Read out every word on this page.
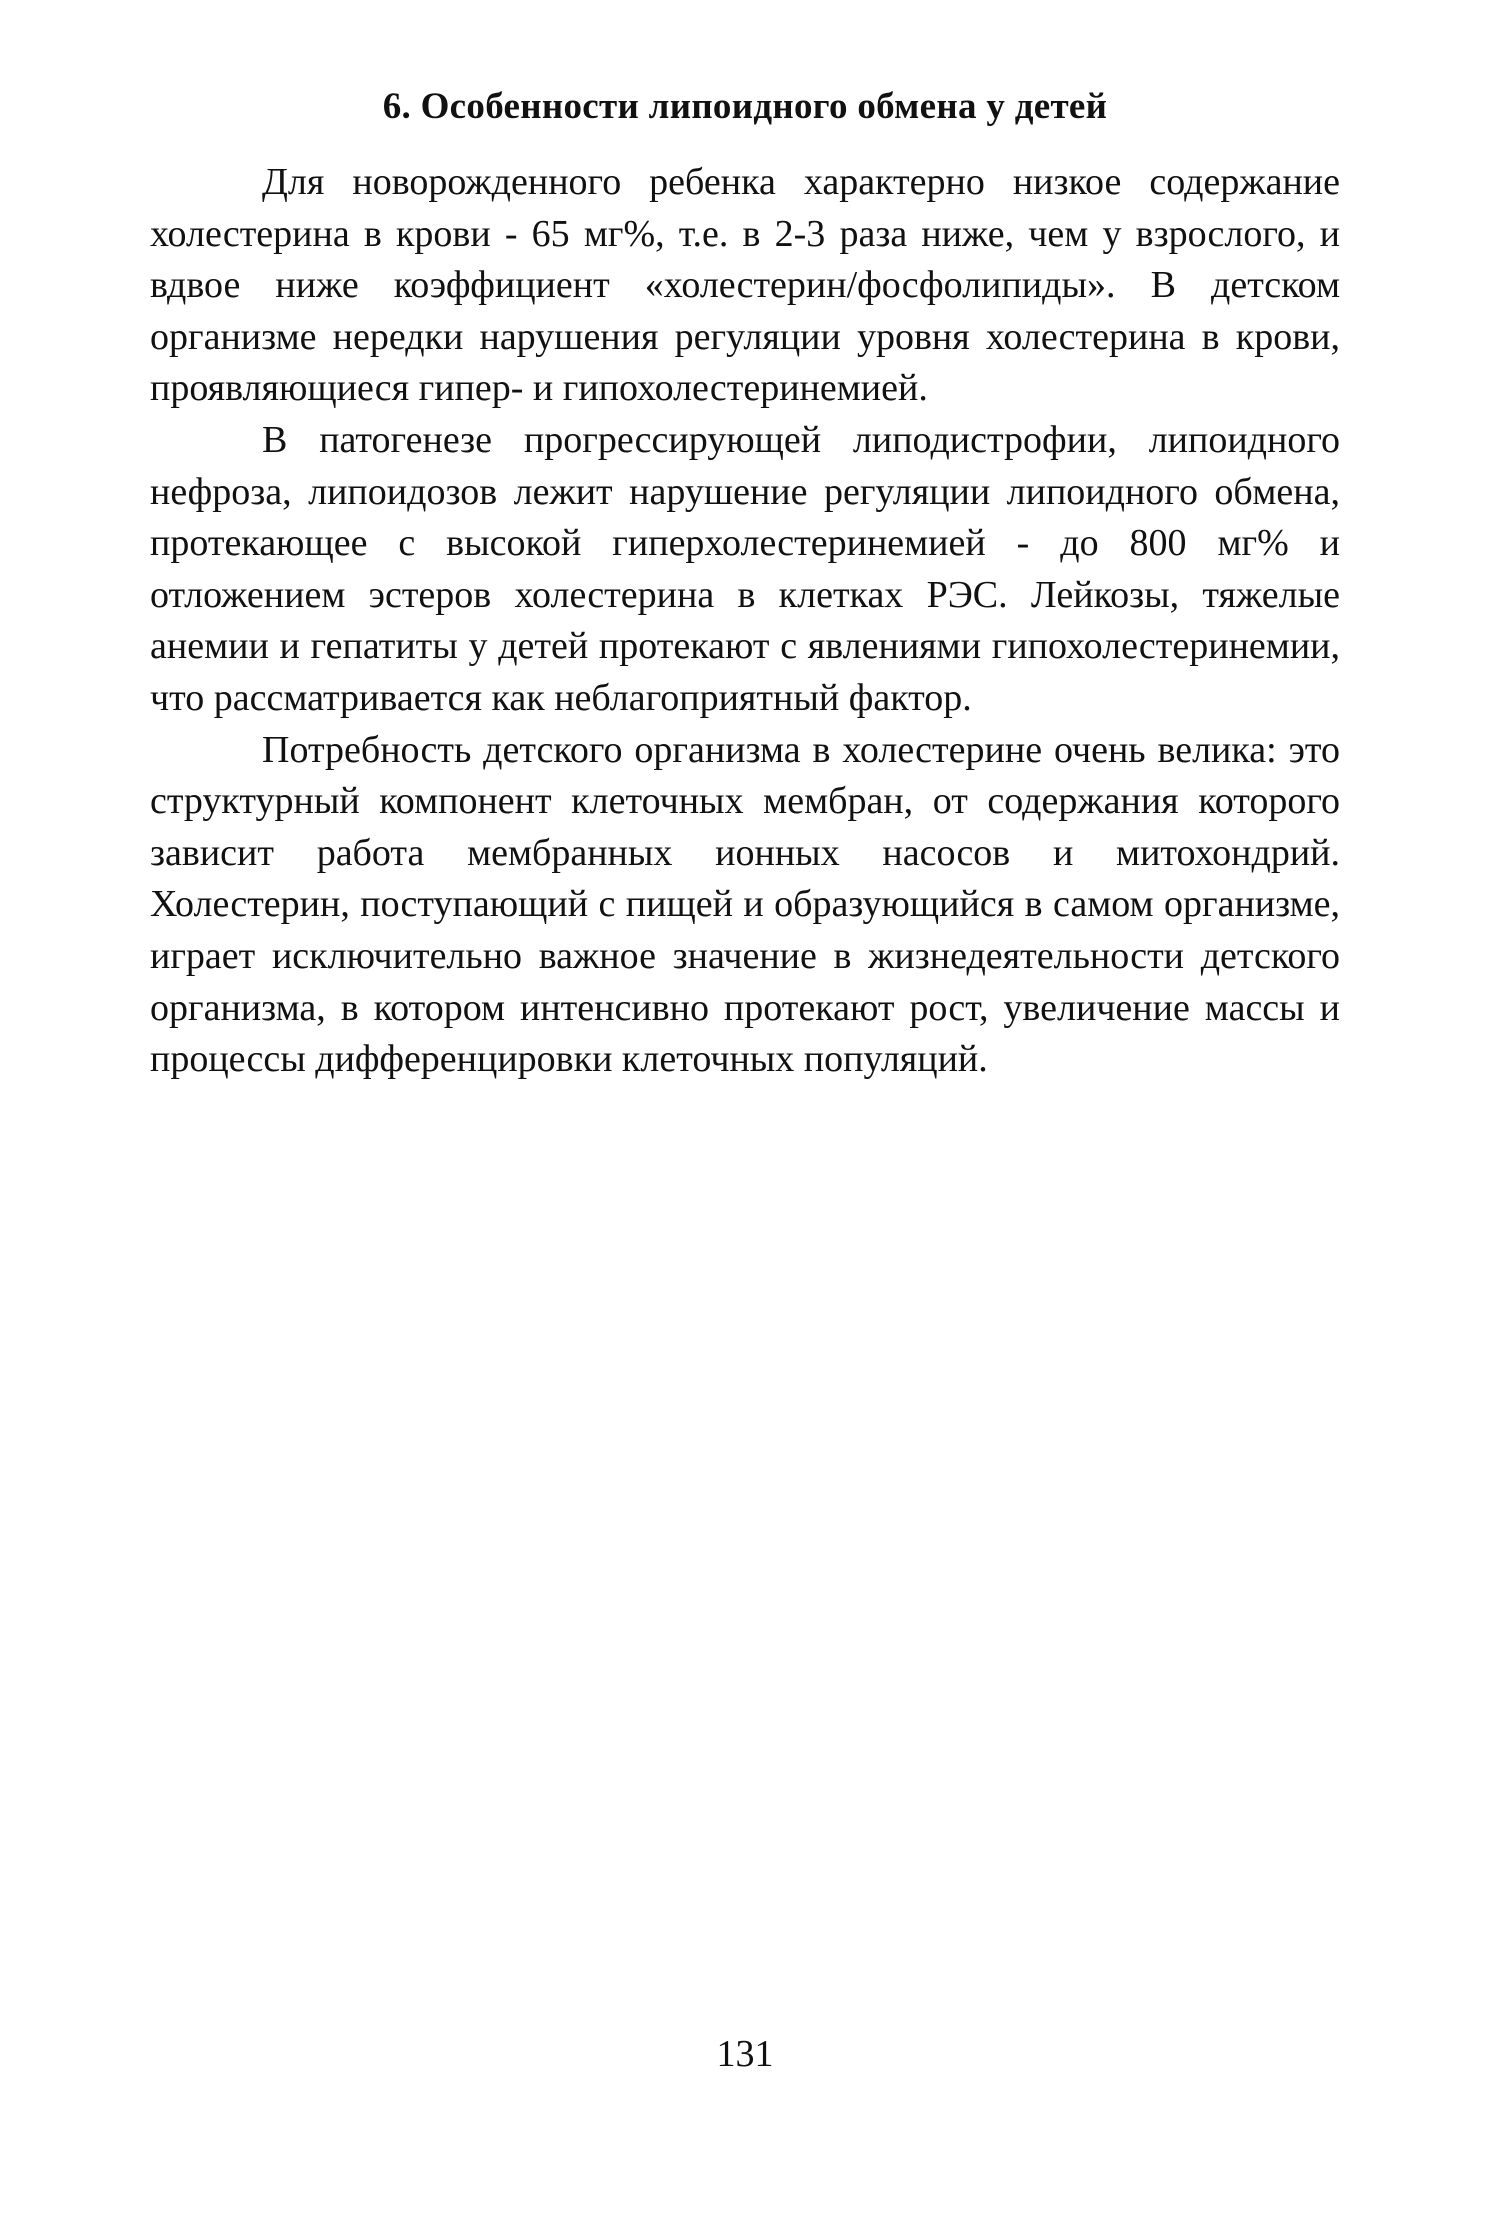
6. Особенности липоидного обмена у детей

Для новорожденного ребенка характерно низкое содержание холестерина в крови - 65 мг%, т.е. в 2-3 раза ниже, чем у взрослого, и вдвое ниже коэффициент «холестерин/фосфолипиды». В детском организме нередки нарушения регуляции уровня холестерина в крови, проявляющиеся гипер- и гипохолестеринемией.

В патогенезе прогрессирующей липодистрофии, липоидного нефроза, липоидозов лежит нарушение регуляции липоидного обмена, протекающее с высокой гиперхолестеринемией - до 800 мг% и отложением эстеров холестерина в клетках РЭС. Лейкозы, тяжелые анемии и гепатиты у детей протекают с явлениями гипохолестеринемии, что рассматривается как неблагоприятный фактор.

Потребность детского организма в холестерине очень велика: это структурный компонент клеточных мембран, от содержания которого зависит работа мембранных ионных насосов и митохондрий. Холестерин, поступающий с пищей и образующийся в самом организме, играет исключительно важное значение в жизнедеятельности детского организма, в котором интенсивно протекают рост, увеличение массы и процессы дифференцировки клеточных популяций.

131
